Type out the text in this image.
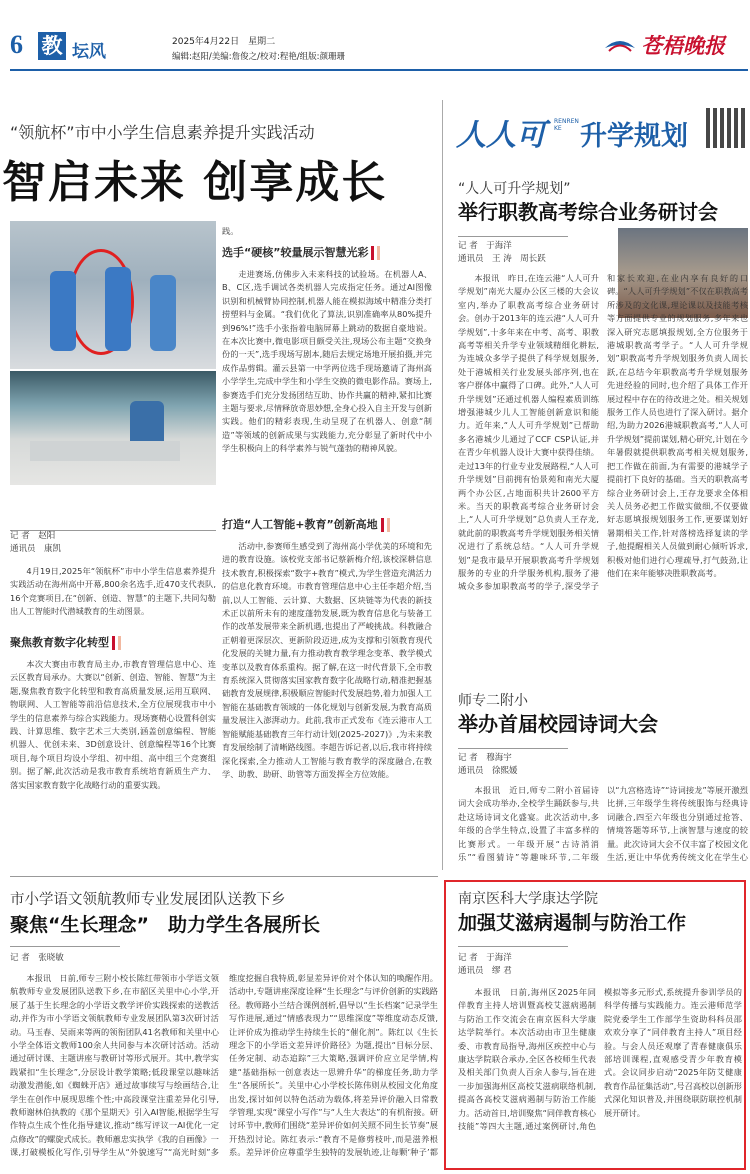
6 教 坛风	2025年4月22日　星期二
编辑:赵阳/美编:詹俊之/校对:程艳/组版:颜珊珊	苍梧晚报
“领航杯”市中小学生信息素养提升实践活动
智启未来 创享成长
践。
选手“硬核”较量展示智慧光彩

走进赛场,仿佛步入未来科技的试验场。在机器人A、B、C区,选手调试各类机器人完成指定任务。通过AI图像识别和机械臂协同控制,机器人能在模拟海域中精准分类打捞塑料与金属。“我们优化了算法,识别准确率从80%提升到96%!”选手小张指着电脑屏幕上跳动的数据自豪地说。在本次比赛中,微电影项目颇受关注,现场公布主题“交换身份的一天”,选手现场写剧本,随后去规定场地开展拍摄,并完成作品剪辑。灌云县第一中学两位选手现场邀请了海州高小学学生,完成中学生和小学生交换的微电影作品。赛场上,参赛选手们充分发扬团结互助、协作共赢的精神,紧扣比赛主题与要求,尽情释放奇思妙想,全身心投入自主开发与创新实践。他们的精彩表现,生动呈现了在机器人、创意“制造”等领域的创新成果与实践能力,充分彰显了新时代中小学生积极向上的科学素养与锐气蓬勃的精神风貌。

打造“人工智能+教育”创新高地

活动中,参赛师生感受到了海州高小学优美的环境和先进的教育设施。该校党支部书记蔡新梅介绍,该校深耕信息技术教育,积极探索“数字+教育”模式,为学生营造充满活力的信息化教育环境。市教育管理信息中心主任李超介绍,当前,以人工智能、云计算、大数据、区块链等为代表的新技术正以前所未有的速度蓬勃发展,既为教育信息化与装备工作的改革发展带来全新机遇,也提出了严峻挑战。科教融合正朝着更深层次、更新阶段迈进,成为支撑和引领教育现代化发展的关键力量,有力推动教育教学理念变革、教学模式变革以及教育体系重构。据了解,在这一时代背景下,全市教育系统深入贯彻落实国家教育数字化战略行动,精准把握基础教育发展规律,积极顺应智能时代发展趋势,着力加强人工智能在基础教育领域的一体化规划与创新发展,为教育高质量发展注入澎湃动力。此前,我市正式发布《连云港市人工智能赋能基础教育三年行动计划(2025-2027)》,为未来教育发展绘制了清晰路线图。李超告诉记者,以后,我市将持续深化探索,全力推动人工智能与教育教学的深度融合,在教学、助教、助研、助管等方面发挥全方位效能。

记 者　赵阳
通讯员　康凯

4月19日,2025年“领航杯”市中小学生信息素养提升实践活动在海州高中开幕,800余名选手,近470支代表队,16个竞赛项目,在“创新、创造、智慧”的主题下,共同勾勒出人工智能时代潜城教育的生动图景。

聚焦教育数字化转型

本次大赛由市教育局主办,市教育管理信息中心、连云区教育局承办。大赛以“创新、创造、智能、智慧”为主题,聚焦教育数字化转型和教育高质量发展,运用互联网、物联网、人工智能等前沿信息技术,全方位展现我市中小学生的信息素养与综合实践能力。现场赛精心设置科创实践、计算思维、数字艺术三大类别,涵盖创意编程、智能机器人、优创未来、3D创意设计、创意编程等16个比赛项目,每个项目均设小学组、初中组、高中组三个竞赛组别。据了解,此次活动是我市教育系统培育新质生产力、落实国家教育数字化战略行动的重要实践。

人人可 RENREN KE 升学规划
“人人可升学规划”
举行职教高考综合业务研讨会
记 者　于海洋
通讯员　王 涛　周长跃

本报讯　昨日,在连云港“人人可升学规划”南光大厦办公区三楼的大会议室内,举办了职教高考综合业务研讨会。创办于2013年的连云港“人人可升学规划”,十多年来在中考、高考、职教高考等相关升学专业领域精细化耕耘,为连城众多学子提供了科学规划服务,处于港城相关行业发展头部序列,也在客户群体中赢得了口碑。此外,“人人可升学规划”还通过机器人编程素质训练增强港城少儿人工智能创新意识和能力。近年来,“人人可升学规划”已帮助多名港城少儿通过了CCF CSP认证,并在青少年机器人设计大赛中获得佳绩。走过13年的行业专业发展路程,“人人可升学规划”目前拥有怡景苑和南光大厦两个办公区,占地面积共计2600平方米。当天的职教高考综合业务研讨会上,“人人可升学规划”总负责人王存龙,就此前的职教高考升学规划服务相关情况进行了系统总结。“人人可升学规划”是我市最早开展职教高考升学规划服务的专业的升学服务机构,服务了港城众多参加职教高考的学子,深受学子和家长欢迎,在业内享有良好的口碑。“人人可升学规划”不仅在职教高考所涉及的文化课,理论课以及技能考核等方面提供专业的规划服务,多年来也深入研究志愿填报规划,全方位服务于港城职教高考学子。“人人可升学规划”职教高考升学规划服务负责人周长跃,在总结今年职教高考升学规划服务先进经验的同时,也介绍了具体工作开展过程中存在的待改进之处。相关规划服务工作人员也进行了深入研讨。据介绍,为助力2026港城职教高考,“人人可升学规划”提前谋划,精心研究,计划在今年暑假就提供职教高考相关规划服务,把工作做在前面,为有需要的港城学子提前打下良好的基础。当天的职教高考综合业务研讨会上,王存龙要求全体相关人员务必把工作做实做细,不仅要做好志愿填报规划服务工作,更要谋划好暑期相关工作,针对落榜选择复读的学子,他提醒相关人员做到耐心倾听诉求,积极对他们进行心理疏导,打气鼓劲,让他们在来年能够决胜职教高考。

师专二附小
举办首届校园诗词大会
记 者　穆海宇
通讯员　徐熙媛

本报讯　近日,师专二附小首届诗词大会成功举办,全校学生踊跃参与,共赴这场诗词文化盛宴。此次活动中,多年级的合学生特点,设置了丰富多样的比赛形式。一年级开展“古诗消消乐”“看图猜诗”等趣味环节,二年级以“九宫格选诗”“诗词接龙”等展开激烈比拼,三年级学生将传统服饰与经典诗词融合,四至六年级也分别通过抢答、情境答题等环节,上演智慧与速度的较量。此次诗词大会不仅丰富了校园文化生活,更让中华优秀传统文化在学生心

市小学语文领航教师专业发展团队送教下乡
聚焦“生长理念”　助力学生各展所长
记 者　张晓敏

本报讯　日前,师专三附小校长陈红带领市小学语文领航教师专业发展团队送教下乡,在市韶区关里中心小学,开展了基于生长理念的小学语文教学评价实践探索的送教活动,并作为市小学语文领航教师专业发展团队第3次研讨活动。马玉春、吴雨来等两的领衔团队41名教师和关里中心小学全体语文教师100余人共同参与本次研讨活动。活动通过研讨课、主题讲座与教研讨等形式展开。其中,教学实践紧扣“生长理念”,分层设计教学策略;低段课堂以趣味活动激发潜能,如《蜘蛛开店》通过故事续写与绘画结合,让学生在创作中展现思维个性;中高段课堂注重差异化引导,教师谢林伯执教的《那个星期天》引入AI智能,根据学生写作特点生成个性化指导建议,推动“练写评议一AI优化一定点修改”的螺旋式成长。教师蕙忠实执学《我的自画像》一课,打破模板化写作,引导学生从“外貌速写”“高光时刻”多维度挖掘自我特质,彰显差异评价对个体认知的唤醒作用。活动中,专题讲座深度诠释“生长理念”与评价创新的实践路径。教师路小兰结合课例剖析,倡导以“生长档案”记录学生写作进展,通过“情感表现力”“思维深度”等维度动态反馈,让评价成为推动学生持续生长的“催化剂”。陈红以《生长理念下的小学语文差异评价路径》为题,提出“目标分层、任务定制、动态追踪”三大策略,强调评价应立足学情,构建“基础指标一创意表达一思辨升华”的梯度任务,助力学生“各展所长”。关里中心小学校长陈伟则从校园文化角度出发,探讨如何以特色活动为载体,将差异评价融入日常教学管理,实现“课堂小写作”与“人生大表达”的有机衔接。研讨环节中,教师们围绕“差异评价如何关照不同生长节奏”展开热烈讨论。陈红表示:“教育不是修剪枝叶,而是滋养根系。差异评价应尊重学生独特的发展轨迹,让每颗‘种子’都

南京医科大学康达学院
加强艾滋病遏制与防治工作
记 者　于海洋
通讯员　缪 君

本报讯　日前,海州区2025年同伴教育主持人培训暨高校艾滋病遏制与防治工作交流会在南京医科大学康达学院举行。本次活动由市卫生健康委、市教育局指导,海州区疾控中心与康达学院联合承办,全区各校师生代表及相关部门负责人百余人参与,旨在进一步加强海州区高校艾滋病联络机制,提高各高校艾滋病遏制与防治工作能力。活动首日,培训聚焦“同伴教育核心技能”等四大主题,通过案例研讨,角色模拟等多元形式,系统提升参训学员的科学传播与实践能力。连云港师范学院党委学生工作部学生资助科科员邵欢欢分享了“同伴教育主持人”项目经验。与会人员还观摩了青春健康俱乐部培训课程,直观感受青少年教育模式。会议同步启动“2025年防艾健康教育作品征集活动”,号召高校以创新形式深化知识普及,并围绕联防联控机制展开研讨。
